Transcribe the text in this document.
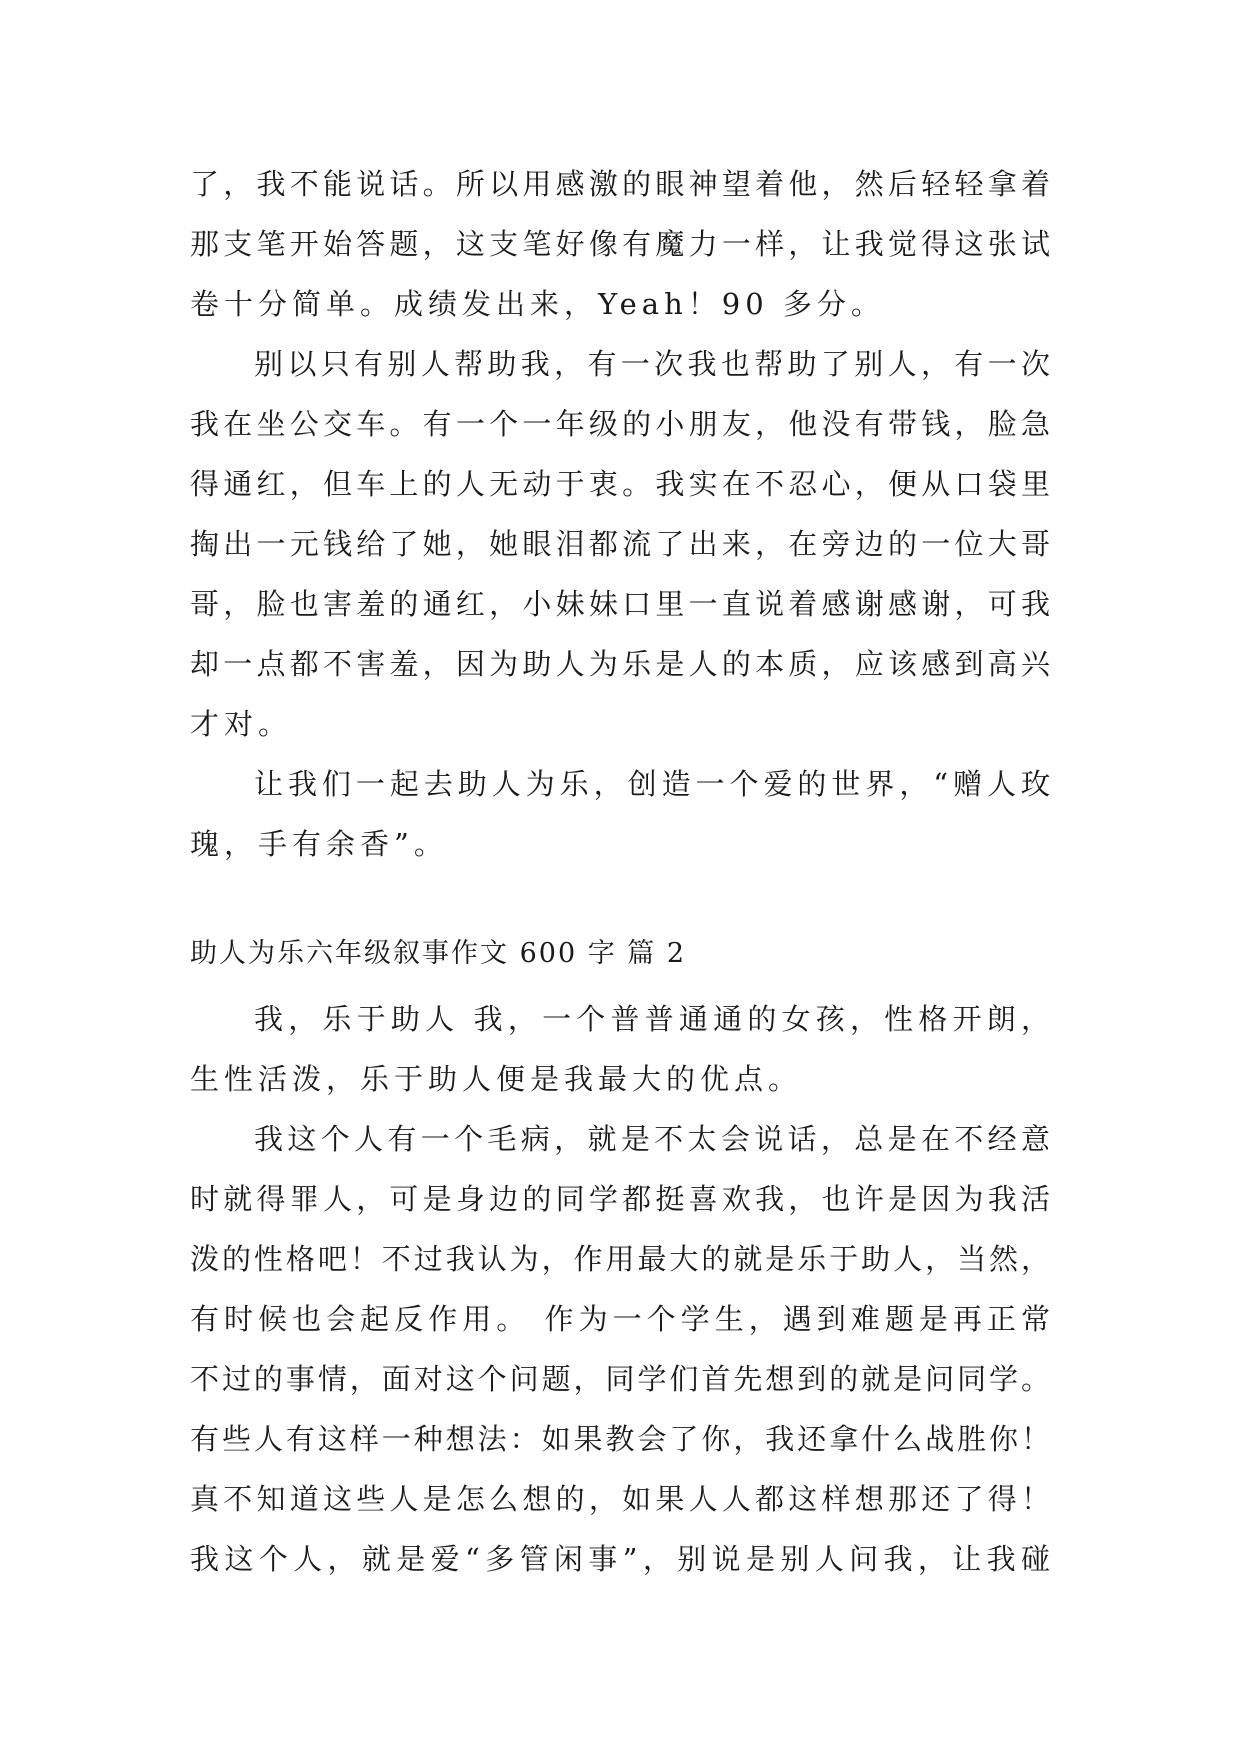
了，我不能说话。所以用感激的眼神望着他，然后轻轻拿着
那支笔开始答题，这支笔好像有魔力一样，让我觉得这张试
卷十分简单。成绩发出来，Yeah！90 多分。
别以只有别人帮助我，有一次我也帮助了别人，有一次
我在坐公交车。有一个一年级的小朋友，他没有带钱，脸急
得通红，但车上的人无动于衷。我实在不忍心，便从口袋里
掏出一元钱给了她，她眼泪都流了出来，在旁边的一位大哥
哥，脸也害羞的通红，小妹妹口里一直说着感谢感谢，可我
却一点都不害羞，因为助人为乐是人的本质，应该感到高兴
才对。
让我们一起去助人为乐，创造一个爱的世界，“赠人玫
瑰，手有余香”。
助人为乐六年级叙事作文 600 字 篇 2
我，乐于助人 我，一个普普通通的女孩，性格开朗，
生性活泼，乐于助人便是我最大的优点。
我这个人有一个毛病，就是不太会说话，总是在不经意
时就得罪人，可是身边的同学都挺喜欢我，也许是因为我活
泼的性格吧！不过我认为，作用最大的就是乐于助人，当然，
有时候也会起反作用。 作为一个学生，遇到难题是再正常
不过的事情，面对这个问题，同学们首先想到的就是问同学。
有些人有这样一种想法：如果教会了你，我还拿什么战胜你！
真不知道这些人是怎么想的，如果人人都这样想那还了得！
我这个人，就是爱“多管闲事”，别说是别人问我，让我碰
